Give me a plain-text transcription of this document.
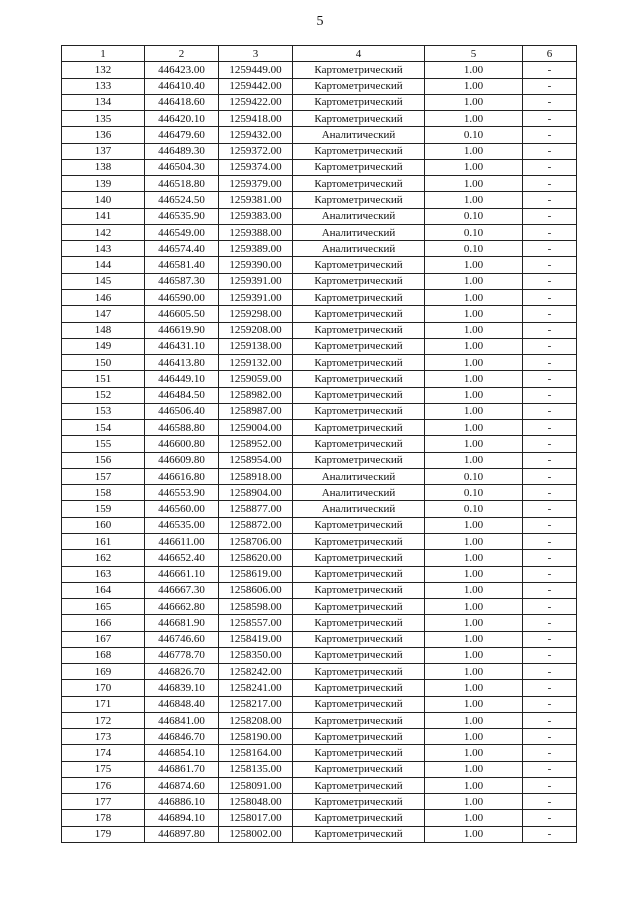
5
1	2	3	4	5	6
132	446423.00	1259449.00	Картометрический	1.00	-
133	446410.40	1259442.00	Картометрический	1.00	-
134	446418.60	1259422.00	Картометрический	1.00	-
135	446420.10	1259418.00	Картометрический	1.00	-
136	446479.60	1259432.00	Аналитический	0.10	-
137	446489.30	1259372.00	Картометрический	1.00	-
138	446504.30	1259374.00	Картометрический	1.00	-
139	446518.80	1259379.00	Картометрический	1.00	-
140	446524.50	1259381.00	Картометрический	1.00	-
141	446535.90	1259383.00	Аналитический	0.10	-
142	446549.00	1259388.00	Аналитический	0.10	-
143	446574.40	1259389.00	Аналитический	0.10	-
144	446581.40	1259390.00	Картометрический	1.00	-
145	446587.30	1259391.00	Картометрический	1.00	-
146	446590.00	1259391.00	Картометрический	1.00	-
147	446605.50	1259298.00	Картометрический	1.00	-
148	446619.90	1259208.00	Картометрический	1.00	-
149	446431.10	1259138.00	Картометрический	1.00	-
150	446413.80	1259132.00	Картометрический	1.00	-
151	446449.10	1259059.00	Картометрический	1.00	-
152	446484.50	1258982.00	Картометрический	1.00	-
153	446506.40	1258987.00	Картометрический	1.00	-
154	446588.80	1259004.00	Картометрический	1.00	-
155	446600.80	1258952.00	Картометрический	1.00	-
156	446609.80	1258954.00	Картометрический	1.00	-
157	446616.80	1258918.00	Аналитический	0.10	-
158	446553.90	1258904.00	Аналитический	0.10	-
159	446560.00	1258877.00	Аналитический	0.10	-
160	446535.00	1258872.00	Картометрический	1.00	-
161	446611.00	1258706.00	Картометрический	1.00	-
162	446652.40	1258620.00	Картометрический	1.00	-
163	446661.10	1258619.00	Картометрический	1.00	-
164	446667.30	1258606.00	Картометрический	1.00	-
165	446662.80	1258598.00	Картометрический	1.00	-
166	446681.90	1258557.00	Картометрический	1.00	-
167	446746.60	1258419.00	Картометрический	1.00	-
168	446778.70	1258350.00	Картометрический	1.00	-
169	446826.70	1258242.00	Картометрический	1.00	-
170	446839.10	1258241.00	Картометрический	1.00	-
171	446848.40	1258217.00	Картометрический	1.00	-
172	446841.00	1258208.00	Картометрический	1.00	-
173	446846.70	1258190.00	Картометрический	1.00	-
174	446854.10	1258164.00	Картометрический	1.00	-
175	446861.70	1258135.00	Картометрический	1.00	-
176	446874.60	1258091.00	Картометрический	1.00	-
177	446886.10	1258048.00	Картометрический	1.00	-
178	446894.10	1258017.00	Картометрический	1.00	-
179	446897.80	1258002.00	Картометрический	1.00	-
